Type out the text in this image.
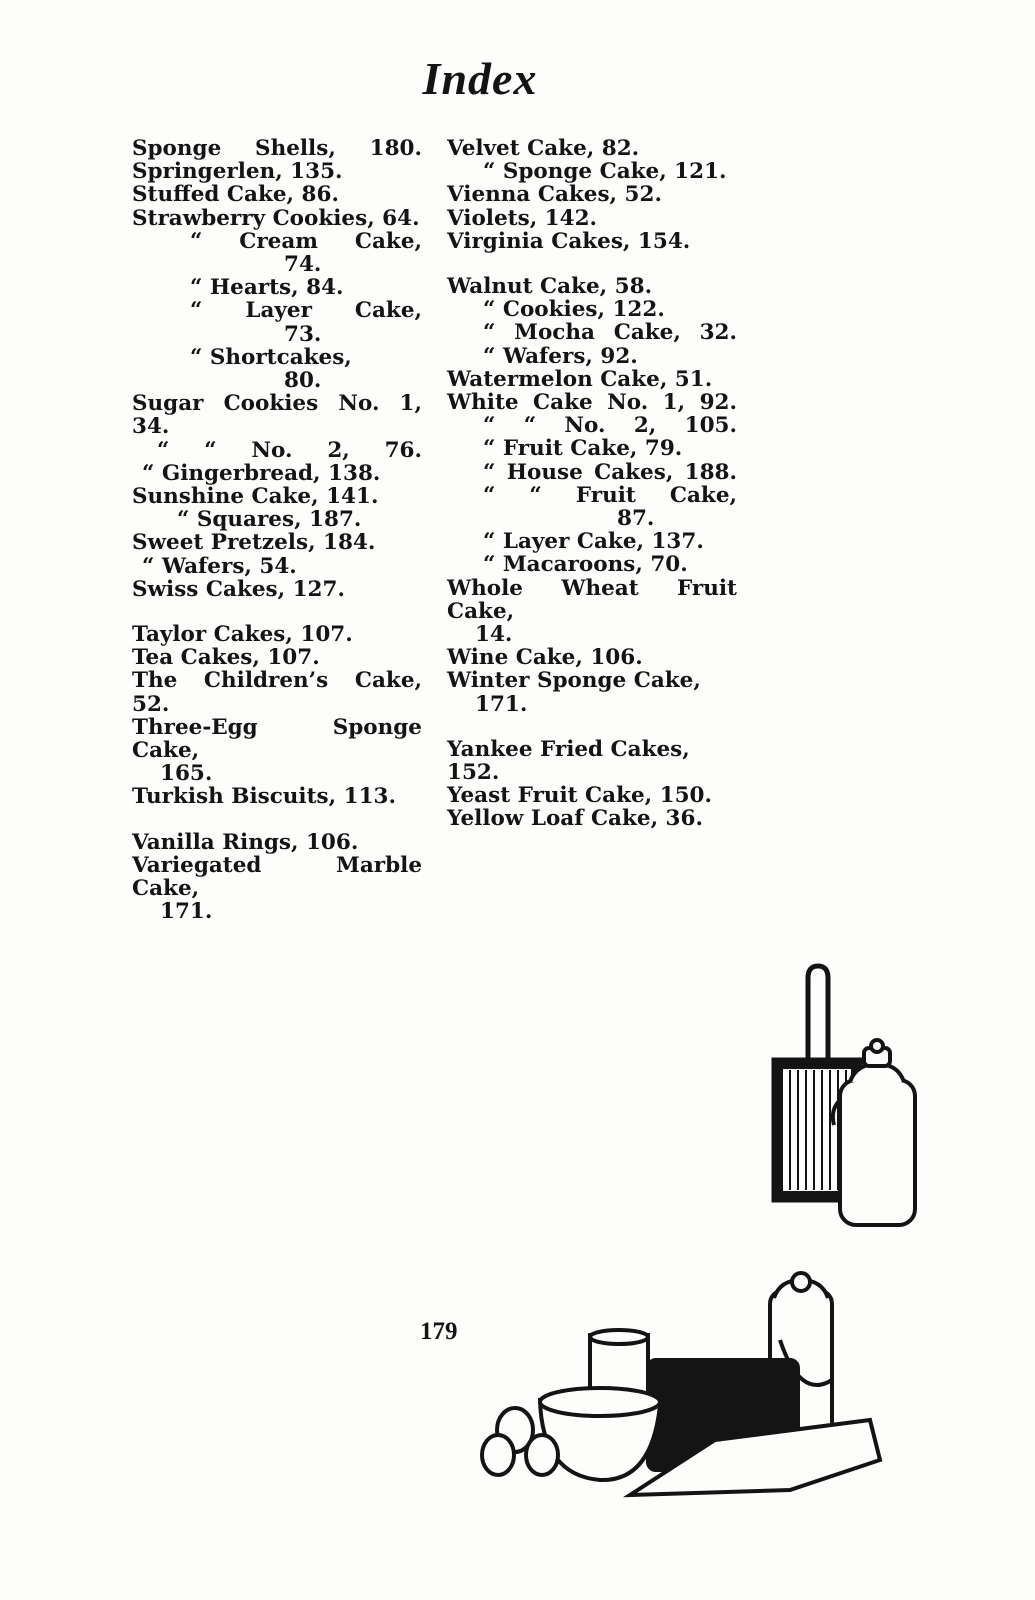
Index
Sponge Shells, 180.
Springerlen, 135.
Stuffed Cake, 86.
Strawberry Cookies, 64.
“ Cream Cake,
74.
“ Hearts, 84.
“ Layer Cake,
73.
“ Shortcakes,
80.
Sugar Cookies No. 1, 34.
“ “ No. 2, 76.
“ Gingerbread, 138.
Sunshine Cake, 141.
“ Squares, 187.
Sweet Pretzels, 184.
“ Wafers, 54.
Swiss Cakes, 127.
Taylor Cakes, 107.
Tea Cakes, 107.
The Children’s Cake, 52.
Three-Egg Sponge Cake,
165.
Turkish Biscuits, 113.
Vanilla Rings, 106.
Variegated Marble Cake,
171.
Velvet Cake, 82.
“ Sponge Cake, 121.
Vienna Cakes, 52.
Violets, 142.
Virginia Cakes, 154.
Walnut Cake, 58.
“ Cookies, 122.
“ Mocha Cake, 32.
“ Wafers, 92.
Watermelon Cake, 51.
White Cake No. 1, 92.
“ “ No. 2, 105.
“ Fruit Cake, 79.
“ House Cakes, 188.
“ “ Fruit Cake,
87.
“ Layer Cake, 137.
“ Macaroons, 70.
Whole Wheat Fruit Cake,
14.
Wine Cake, 106.
Winter Sponge Cake,
171.
Yankee Fried Cakes, 152.
Yeast Fruit Cake, 150.
Yellow Loaf Cake, 36.
179
